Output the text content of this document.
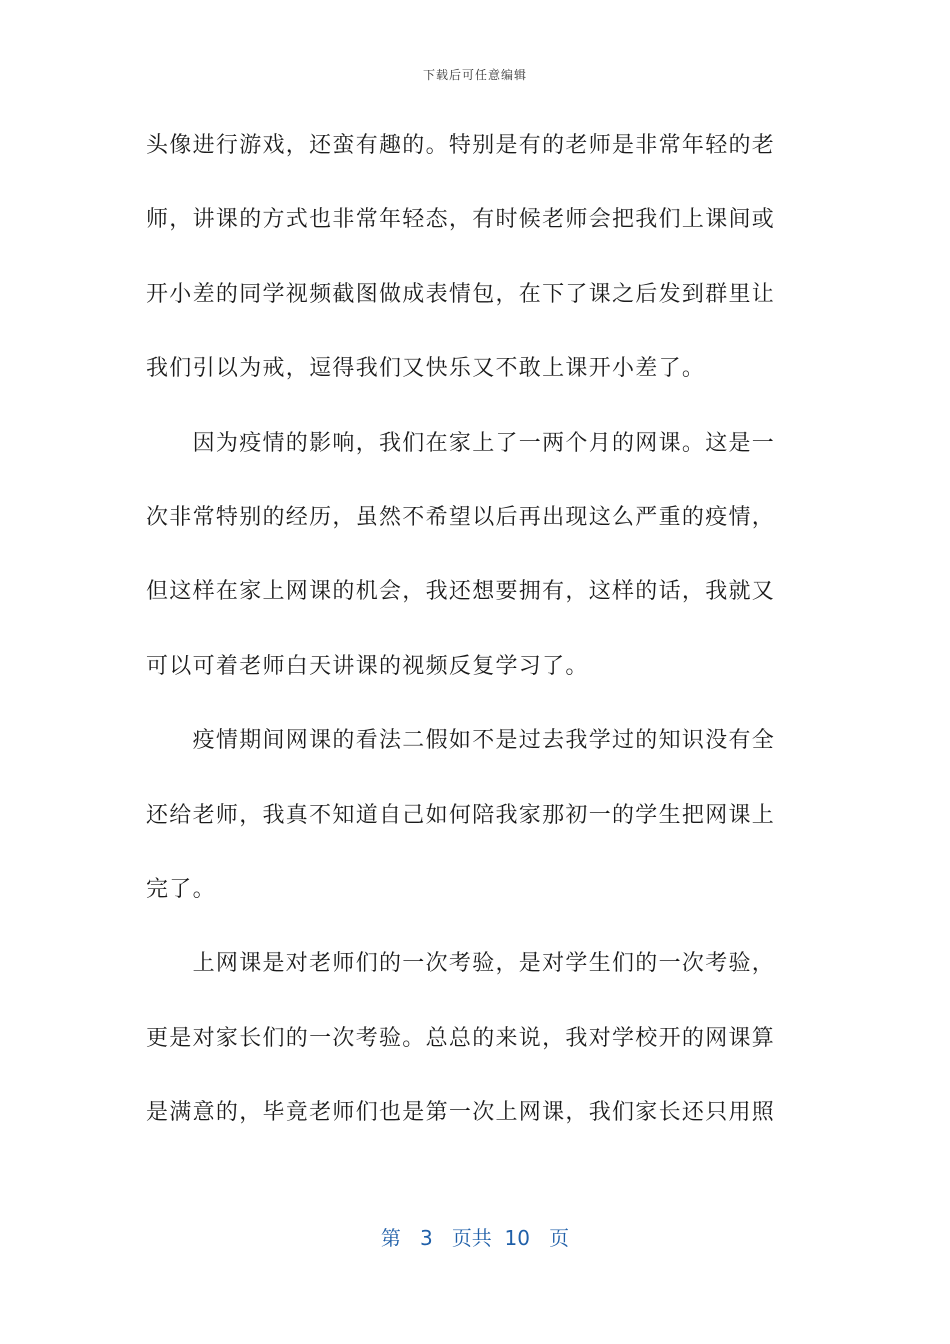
下载后可任意编辑
头像进行游戏，还蛮有趣的。特别是有的老师是非常年轻的老
师，讲课的方式也非常年轻态，有时候老师会把我们上课间或
开小差的同学视频截图做成表情包，在下了课之后发到群里让
我们引以为戒，逗得我们又快乐又不敢上课开小差了。
　　因为疫情的影响，我们在家上了一两个月的网课。这是一
次非常特别的经历，虽然不希望以后再出现这么严重的疫情，
但这样在家上网课的机会，我还想要拥有，这样的话，我就又
可以可着老师白天讲课的视频反复学习了。
　　疫情期间网课的看法二假如不是过去我学过的知识没有全
还给老师，我真不知道自己如何陪我家那初一的学生把网课上
完了。
　　上网课是对老师们的一次考验，是对学生们的一次考验，
更是对家长们的一次考验。总总的来说，我对学校开的网课算
是满意的，毕竟老师们也是第一次上网课，我们家长还只用照
第 3 页共 10 页
